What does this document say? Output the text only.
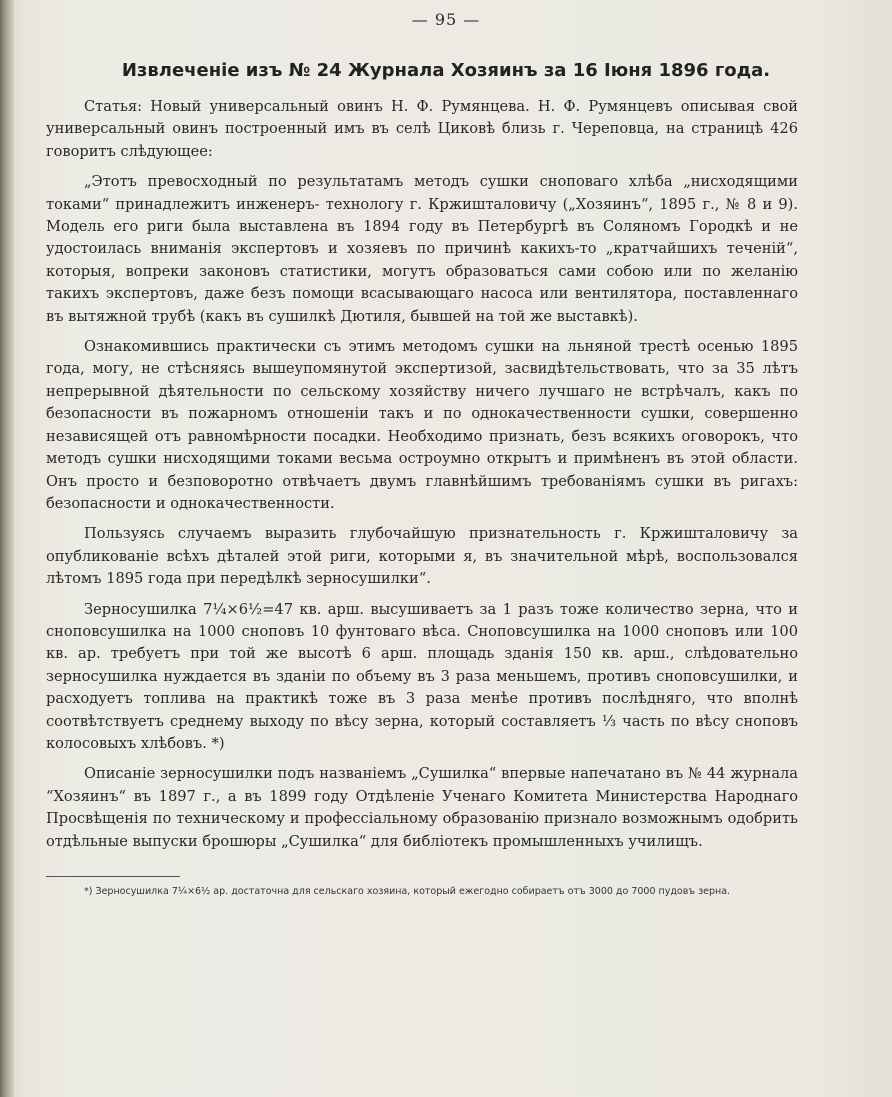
— 95 —
Извлеченіе изъ № 24 Журнала Хозяинъ за 16 Іюня 1896 года.

Статья: Новый универсальный овинъ Н. Ф. Румянцева. Н. Ф. Румянцевъ описывая свой универсальный овинъ построенный имъ въ селѣ Циковѣ близь г. Череповца, на страницѣ 426 говоритъ слѣдующее:

„Этотъ превосходный по результатамъ методъ сушки сноповаго хлѣба „нисходящими токами“ принадлежитъ инженеръ- технологу г. Кржишталовичу („Хозяинъ“, 1895 г., № 8 и 9). Модель его риги была выставлена въ 1894 году въ Петербургѣ въ Соляномъ Городкѣ и не удостоилась вниманія экспертовъ и хозяевъ по причинѣ какихъ-то „кратчайшихъ теченій“, которыя, вопреки законовъ статистики, могутъ образоваться сами собою или по желанію такихъ экспертовъ, даже безъ помощи всасывающаго насоса или вентилятора, поставленнаго въ вытяжной трубѣ (какъ въ сушилкѣ Дютиля, бывшей на той же выставкѣ).

Ознакомившись практически съ этимъ методомъ сушки на льняной трестѣ осенью 1895 года, могу, не стѣсняясь вышеупомянутой экспертизой, засвидѣтельствовать, что за 35 лѣтъ непрерывной дѣятельности по сельскому хозяйству ничего лучшаго не встрѣчалъ, какъ по безопасности въ пожарномъ отношеніи такъ и по однокачественности сушки, совершенно независящей отъ равномѣрности посадки. Необходимо признать, безъ всякихъ оговорокъ, что методъ сушки нисходящими токами весьма остроумно открытъ и примѣненъ въ этой области. Онъ просто и безповоротно отвѣчаетъ двумъ главнѣйшимъ требованіямъ сушки въ ригахъ: безопасности и однокачественности.

Пользуясь случаемъ выразить глубочайшую признательность г. Кржишталовичу за опубликованіе всѣхъ дѣталей этой риги, которыми я, въ значительной мѣрѣ, воспользовался лѣтомъ 1895 года при передѣлкѣ зерносушилки“.

Зерносушилка 7¼×6½=47 кв. арш. высушиваетъ за 1 разъ тоже количество зерна, что и сноповсушилка на 1000 сноповъ 10 фунтоваго вѣса. Сноповсушилка на 1000 сноповъ или 100 кв. ар. требуетъ при той же высотѣ 6 арш. площадь зданія 150 кв. арш., слѣдовательно зерносушилка нуждается въ зданіи по объему въ 3 раза меньшемъ, противъ сноповсушилки, и расходуетъ топлива на практикѣ тоже въ 3 раза менѣе противъ послѣдняго, что вполнѣ соотвѣтствуетъ среднему выходу по вѣсу зерна, который составляетъ ⅓ часть по вѣсу сноповъ колосовыхъ хлѣбовъ. *)

Описаніе зерносушилки подъ названіемъ „Сушилка“ впервые напечатано въ № 44 журнала “Хозяинъ“ въ 1897 г., а въ 1899 году Отдѣленіе Ученаго Комитета Министерства Народнаго Просвѣщенія по техническому и профессіальному образованію признало возможнымъ одобрить отдѣльные выпуски брошюры „Сушилка“ для библіотекъ промышленныхъ училищъ.

*) Зерносушилка 7¼×6½ ар. достаточна для сельскаго хозяина, который ежегодно собираетъ отъ 3000 до 7000 пудовъ зерна.
